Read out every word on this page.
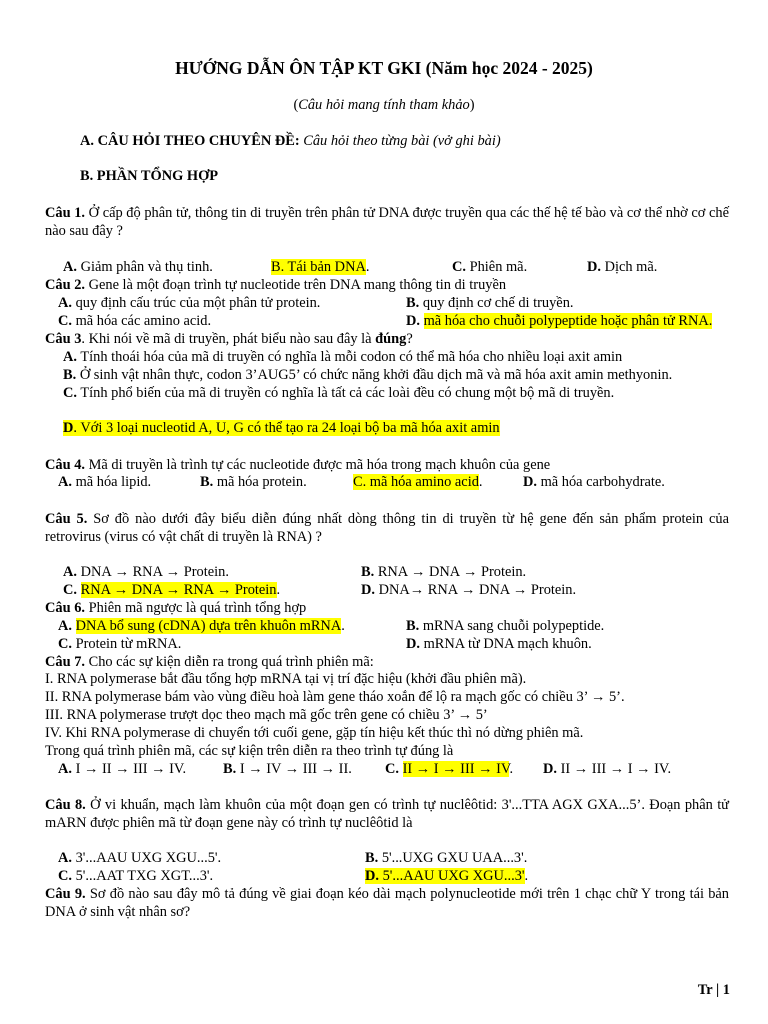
HƯỚNG DẪN ÔN TẬP KT GKI (Năm học 2024 - 2025)
(Câu hỏi mang tính tham khảo)
A. CÂU HỎI THEO CHUYÊN ĐỀ: Câu hỏi theo từng bài (vở ghi bài)
B. PHẦN TỔNG HỢP
Câu 1. Ở cấp độ phân tử, thông tin di truyền trên phân tử DNA được truyền qua các thế hệ tế bào và cơ thể nhờ cơ chế nào sau đây ?
A. Giảm phân và thụ tinh.	B. Tái bản DNA.	C. Phiên mã.	D. Dịch mã.
Câu 2. Gene là một đoạn trình tự nucleotide trên DNA mang thông tin di truyền
A. quy định cấu trúc của một phân tử protein.	B. quy định cơ chế di truyền.
C. mã hóa các amino acid.	D. mã hóa cho chuỗi polypeptide hoặc phân tử RNA.
Câu 3. Khi nói về mã di truyền, phát biểu nào sau đây là đúng?
A. Tính thoái hóa của mã di truyền có nghĩa là mỗi codon có thể mã hóa cho nhiều loại axit amin
B. Ở sinh vật nhân thực, codon 3’AUG5’ có chức năng khởi đầu dịch mã và mã hóa axit amin methyonin.
C. Tính phổ biến của mã di truyền có nghĩa là tất cả các loài đều có chung một bộ mã di truyền.
D. Với 3 loại nucleotid A, U, G có thể tạo ra 24 loại bộ ba mã hóa axit amin
Câu 4. Mã di truyền là trình tự các nucleotide được mã hóa trong mạch khuôn của gene
A. mã hóa lipid.	B. mã hóa protein.	C. mã hóa amino acid.	D. mã hóa carbohydrate.
Câu 5. Sơ đồ nào dưới đây biểu diễn đúng nhất dòng thông tin di truyền từ hệ gene đến sản phẩm protein của retrovirus (virus có vật chất di truyền là RNA) ?
A. DNA → RNA → Protein.	B. RNA → DNA → Protein.
C. RNA → DNA → RNA → Protein.	D. DNA→ RNA → DNA → Protein.
Câu 6. Phiên mã ngược là quá trình tổng hợp
A. DNA bổ sung (cDNA) dựa trên khuôn mRNA.	B. mRNA sang chuỗi polypeptide.
C. Protein từ mRNA.	D. mRNA từ DNA mạch khuôn.
Câu 7. Cho các sự kiện diễn ra trong quá trình phiên mã:
I. RNA polymerase bắt đầu tổng hợp mRNA tại vị trí đặc hiệu (khởi đầu phiên mã).
II. RNA polymerase bám vào vùng điều hoà làm gene tháo xoắn để lộ ra mạch gốc có chiều 3’ → 5’.
III. RNA polymerase trượt dọc theo mạch mã gốc trên gene có chiều 3’ → 5’
IV. Khi RNA polymerase di chuyển tới cuối gene, gặp tín hiệu kết thúc thì nó dừng phiên mã.
Trong quá trình phiên mã, các sự kiện trên diễn ra theo trình tự đúng là
A. I → II → III → IV.	B. I → IV → III → II. C. II → I → III → IV. D. II → III → I → IV.
Câu 8. Ở vi khuẩn, mạch làm khuôn của một đoạn gen có trình tự nuclêôtid: 3'...TTA AGX GXA...5’. Đoạn phân tử mARN được phiên mã từ đoạn gene này có trình tự nuclêôtid là
A. 3'...AAU UXG XGU...5'.	B. 5'...UXG GXU UAA...3'.
C. 5'...AAT TXG XGT...3'.	D. 5'...AAU UXG XGU...3'.
Câu 9. Sơ đồ nào sau đây mô tả đúng về giai đoạn kéo dài mạch polynucleotide mới trên 1 chạc chữ Y trong tái bản DNA ở sinh vật nhân sơ?
Tr | 1
